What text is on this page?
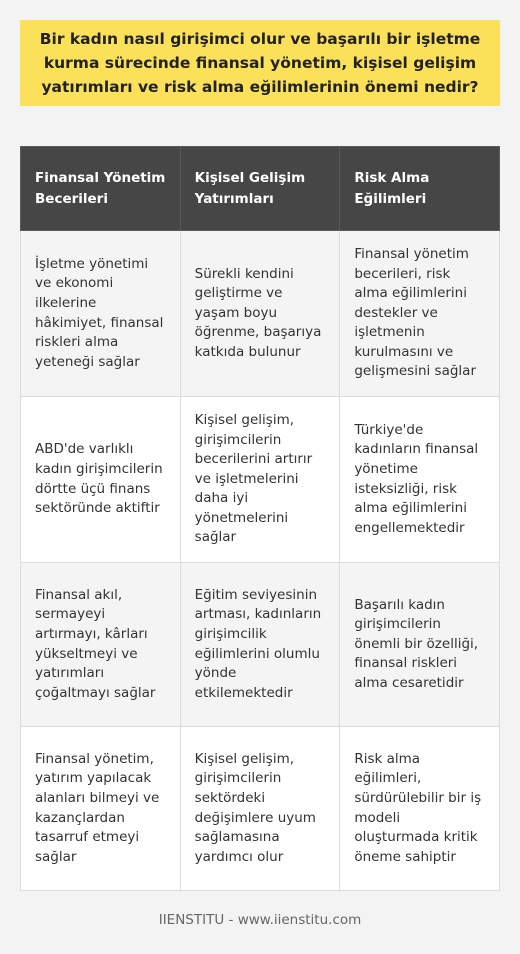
Bir kadın nasıl girişimci olur ve başarılı bir işletme kurma sürecinde finansal yönetim, kişisel gelişim yatırımları ve risk alma eğilimlerinin önemi nedir?
Finansal Yönetim Becerileri	Kişisel Gelişim Yatırımları	Risk Alma Eğilimleri
İşletme yönetimi ve ekonomi ilkelerine hâkimiyet, finansal riskleri alma yeteneği sağlar	Sürekli kendini geliştirme ve yaşam boyu öğrenme, başarıya katkıda bulunur	Finansal yönetim becerileri, risk alma eğilimlerini destekler ve işletmenin kurulmasını ve gelişmesini sağlar
ABD'de varlıklı kadın girişimcilerin dörtte üçü finans sektöründe aktiftir	Kişisel gelişim, girişimcilerin becerilerini artırır ve işletmelerini daha iyi yönetmelerini sağlar	Türkiye'de kadınların finansal yönetime isteksizliği, risk alma eğilimlerini engellemektedir
Finansal akıl, sermayeyi artırmayı, kârları yükseltmeyi ve yatırımları çoğaltmayı sağlar	Eğitim seviyesinin artması, kadınların girişimcilik eğilimlerini olumlu yönde etkilemektedir	Başarılı kadın girişimcilerin önemli bir özelliği, finansal riskleri alma cesaretidir
Finansal yönetim, yatırım yapılacak alanları bilmeyi ve kazançlardan tasarruf etmeyi sağlar	Kişisel gelişim, girişimcilerin sektördeki değişimlere uyum sağlamasına yardımcı olur	Risk alma eğilimleri, sürdürülebilir bir iş modeli oluşturmada kritik öneme sahiptir
IIENSTITU - www.iienstitu.com
